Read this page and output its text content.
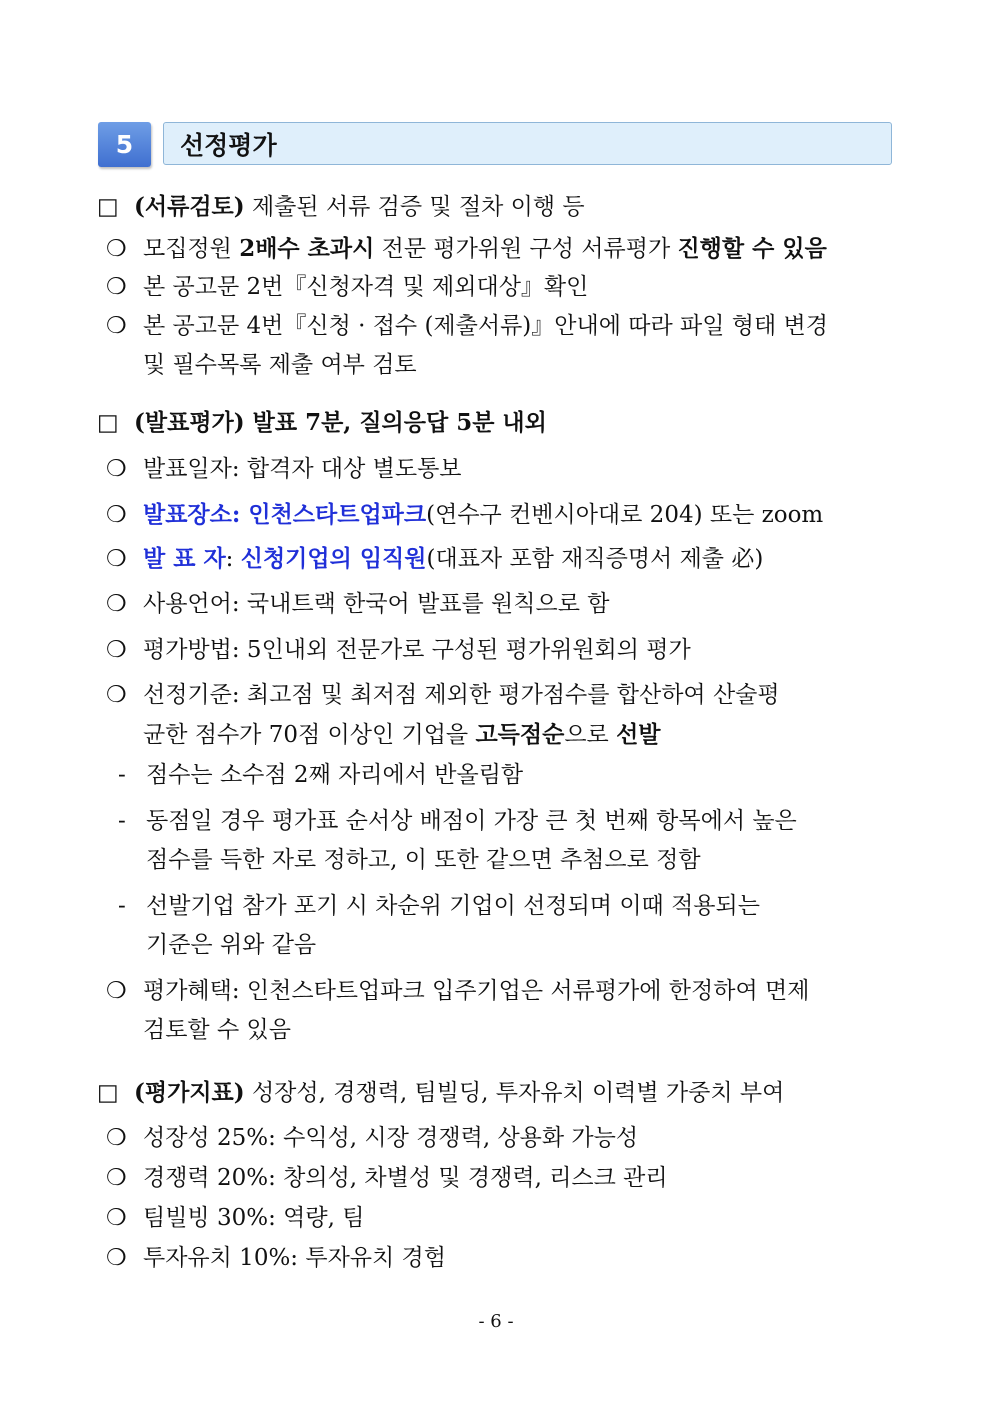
5	선정평가
□ (서류검토) 제출된 서류 검증 및 절차 이행 등
❍ 모집정원 2배수 초과시 전문 평가위원 구성 서류평가 진행할 수 있음
❍ 본 공고문 2번『신청자격 및 제외대상』확인
❍ 본 공고문 4번『신청 · 접수 (제출서류)』안내에 따라 파일 형태 변경
및 필수목록 제출 여부 검토
□ (발표평가) 발표 7분, 질의응답 5분 내외
❍ 발표일자: 합격자 대상 별도통보
❍ 발표장소: 인천스타트업파크(연수구 컨벤시아대로 204) 또는 zoom
❍ 발 표 자: 신청기업의 임직원(대표자 포함 재직증명서 제출 必)
❍ 사용언어: 국내트랙 한국어 발표를 원칙으로 함
❍ 평가방법: 5인내외 전문가로 구성된 평가위원회의 평가
❍ 선정기준: 최고점 및 최저점 제외한 평가점수를 합산하여 산술평
균한 점수가 70점 이상인 기업을 고득점순으로 선발
- 점수는 소수점 2째 자리에서 반올림함
- 동점일 경우 평가표 순서상 배점이 가장 큰 첫 번째 항목에서 높은
점수를 득한 자로 정하고, 이 또한 같으면 추첨으로 정함
- 선발기업 참가 포기 시 차순위 기업이 선정되며 이때 적용되는
기준은 위와 같음
❍ 평가혜택: 인천스타트업파크 입주기업은 서류평가에 한정하여 면제
검토할 수 있음
□ (평가지표) 성장성, 경쟁력, 팀빌딩, 투자유치 이력별 가중치 부여
❍ 성장성 25%: 수익성, 시장 경쟁력, 상용화 가능성
❍ 경쟁력 20%: 창의성, 차별성 및 경쟁력, 리스크 관리
❍ 팀빌빙 30%: 역량, 팀
❍ 투자유치 10%: 투자유치 경험
- 6 -
